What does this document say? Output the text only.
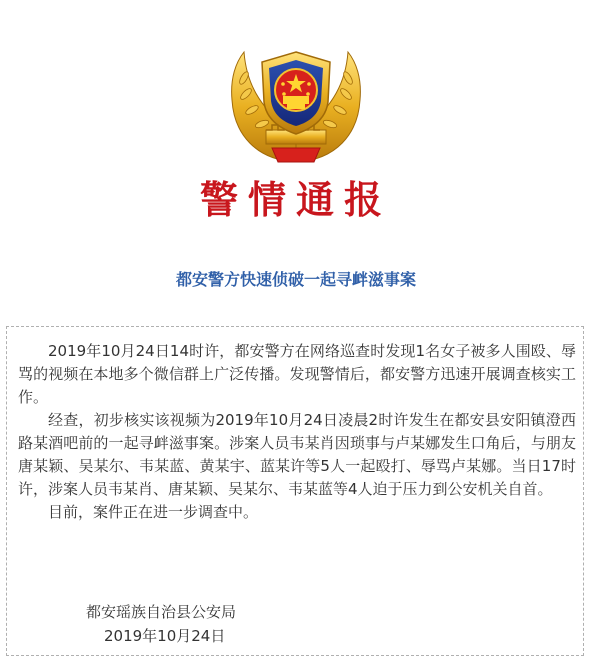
警情通报
都安警方快速侦破一起寻衅滋事案

2019年10月24日14时许，都安警方在网络巡查时发现1名女子被多人围殴、辱骂的视频在本地多个微信群上广泛传播。发现警情后，都安警方迅速开展调查核实工作。

经查，初步核实该视频为2019年10月24日凌晨2时许发生在都安县安阳镇澄西路某酒吧前的一起寻衅滋事案。涉案人员韦某肖因琐事与卢某娜发生口角后，与朋友唐某颖、吴某尔、韦某蓝、黄某宇、蓝某许等5人一起殴打、辱骂卢某娜。当日17时许，涉案人员韦某肖、唐某颖、吴某尔、韦某蓝等4人迫于压力到公安机关自首。

目前，案件正在进一步调查中。

都安瑶族自治县公安局
2019年10月24日
